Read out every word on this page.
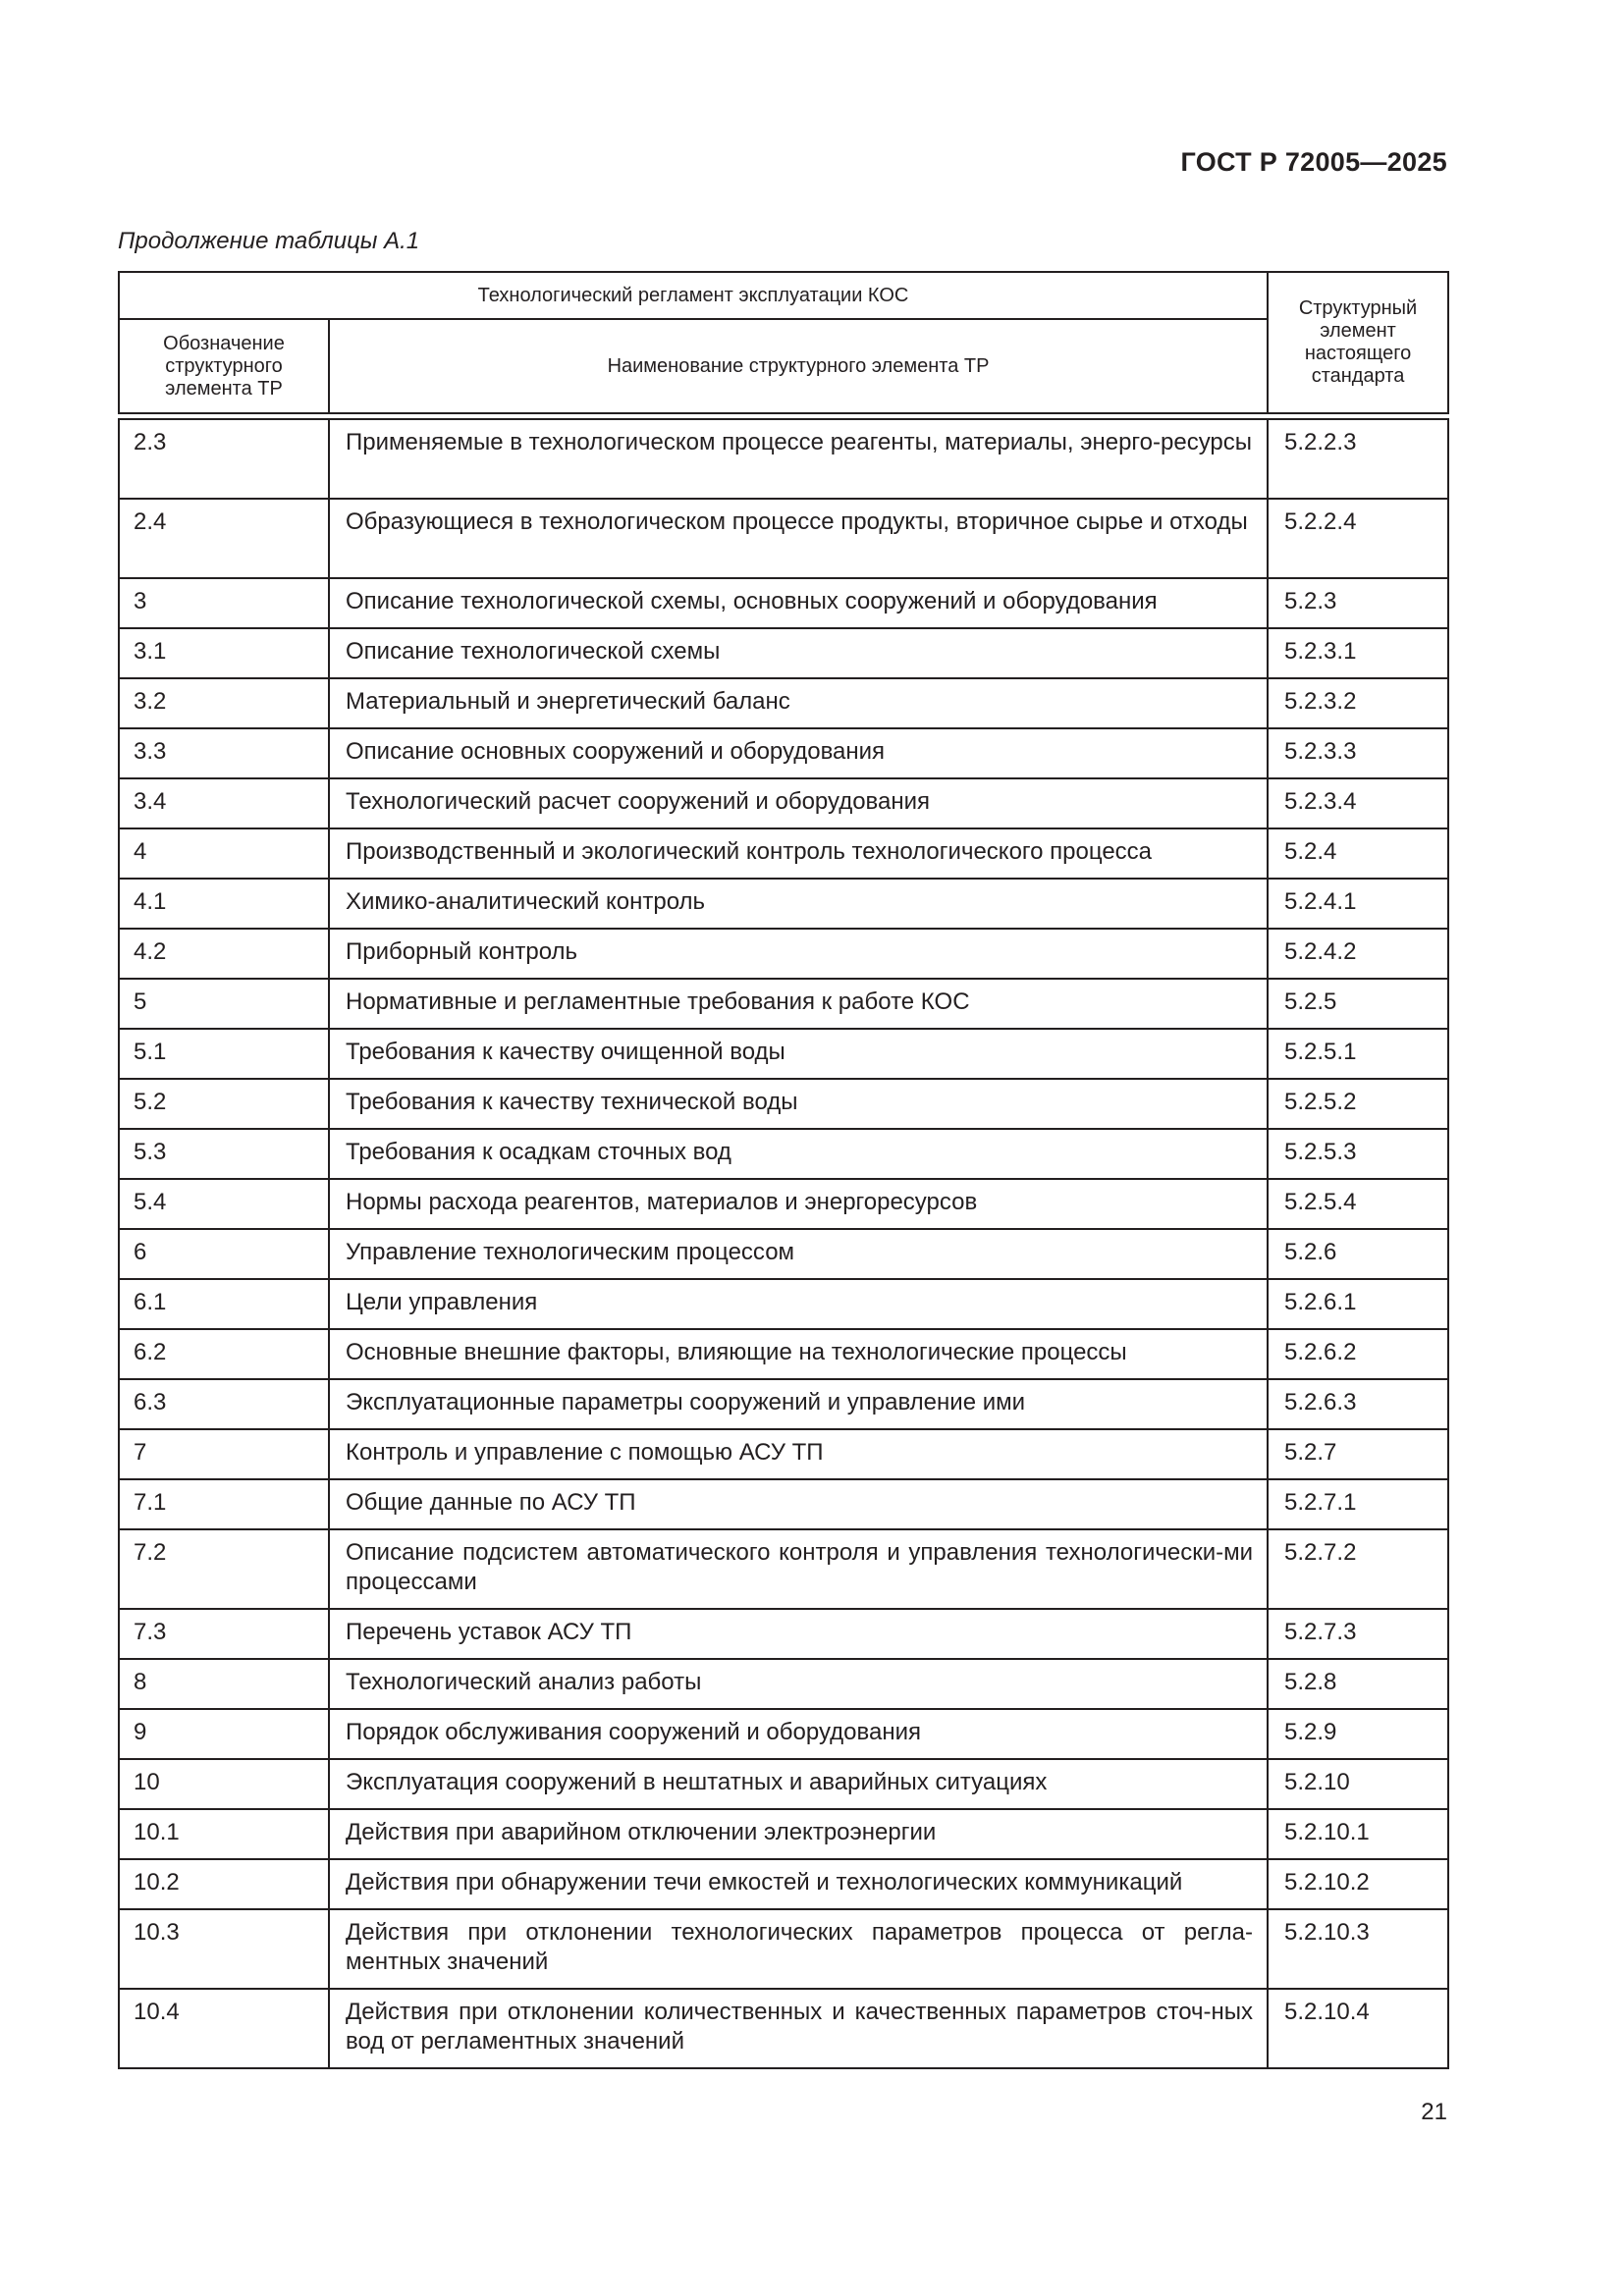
ГОСТ Р 72005—2025
Продолжение таблицы А.1
Технологический регламент эксплуатации КОС		Структурный элемент настоящего стандарта
Обозначение структурного элемента ТР	Наименование структурного элемента ТР	

2.3	Применяемые в технологическом процессе реагенты, материалы, энерго-ресурсы	5.2.2.3
2.4	Образующиеся в технологическом процессе продукты, вторичное сырье и отходы	5.2.2.4
3	Описание технологической схемы, основных сооружений и оборудования	5.2.3
3.1	Описание технологической схемы	5.2.3.1
3.2	Материальный и энергетический баланс	5.2.3.2
3.3	Описание основных сооружений и оборудования	5.2.3.3
3.4	Технологический расчет сооружений и оборудования	5.2.3.4
4	Производственный и экологический контроль технологического процесса	5.2.4
4.1	Химико-аналитический контроль	5.2.4.1
4.2	Приборный контроль	5.2.4.2
5	Нормативные и регламентные требования к работе КОС	5.2.5
5.1	Требования к качеству очищенной воды	5.2.5.1
5.2	Требования к качеству технической воды	5.2.5.2
5.3	Требования к осадкам сточных вод	5.2.5.3
5.4	Нормы расхода реагентов, материалов и энергоресурсов	5.2.5.4
6	Управление технологическим процессом	5.2.6
6.1	Цели управления	5.2.6.1
6.2	Основные внешние факторы, влияющие на технологические процессы	5.2.6.2
6.3	Эксплуатационные параметры сооружений и управление ими	5.2.6.3
7	Контроль и управление с помощью АСУ ТП	5.2.7
7.1	Общие данные по АСУ ТП	5.2.7.1
7.2	Описание подсистем автоматического контроля и управления технологически-ми процессами	5.2.7.2
7.3	Перечень уставок АСУ ТП	5.2.7.3
8	Технологический анализ работы	5.2.8
9	Порядок обслуживания сооружений и оборудования	5.2.9
10	Эксплуатация сооружений в нештатных и аварийных ситуациях	5.2.10
10.1	Действия при аварийном отключении электроэнергии	5.2.10.1
10.2	Действия при обнаружении течи емкостей и технологических коммуникаций	5.2.10.2
10.3	Действия при отклонении технологических параметров процесса от регла-ментных значений	5.2.10.3
10.4	Действия при отклонении количественных и качественных параметров сточ-ных вод от регламентных значений	5.2.10.4
21
